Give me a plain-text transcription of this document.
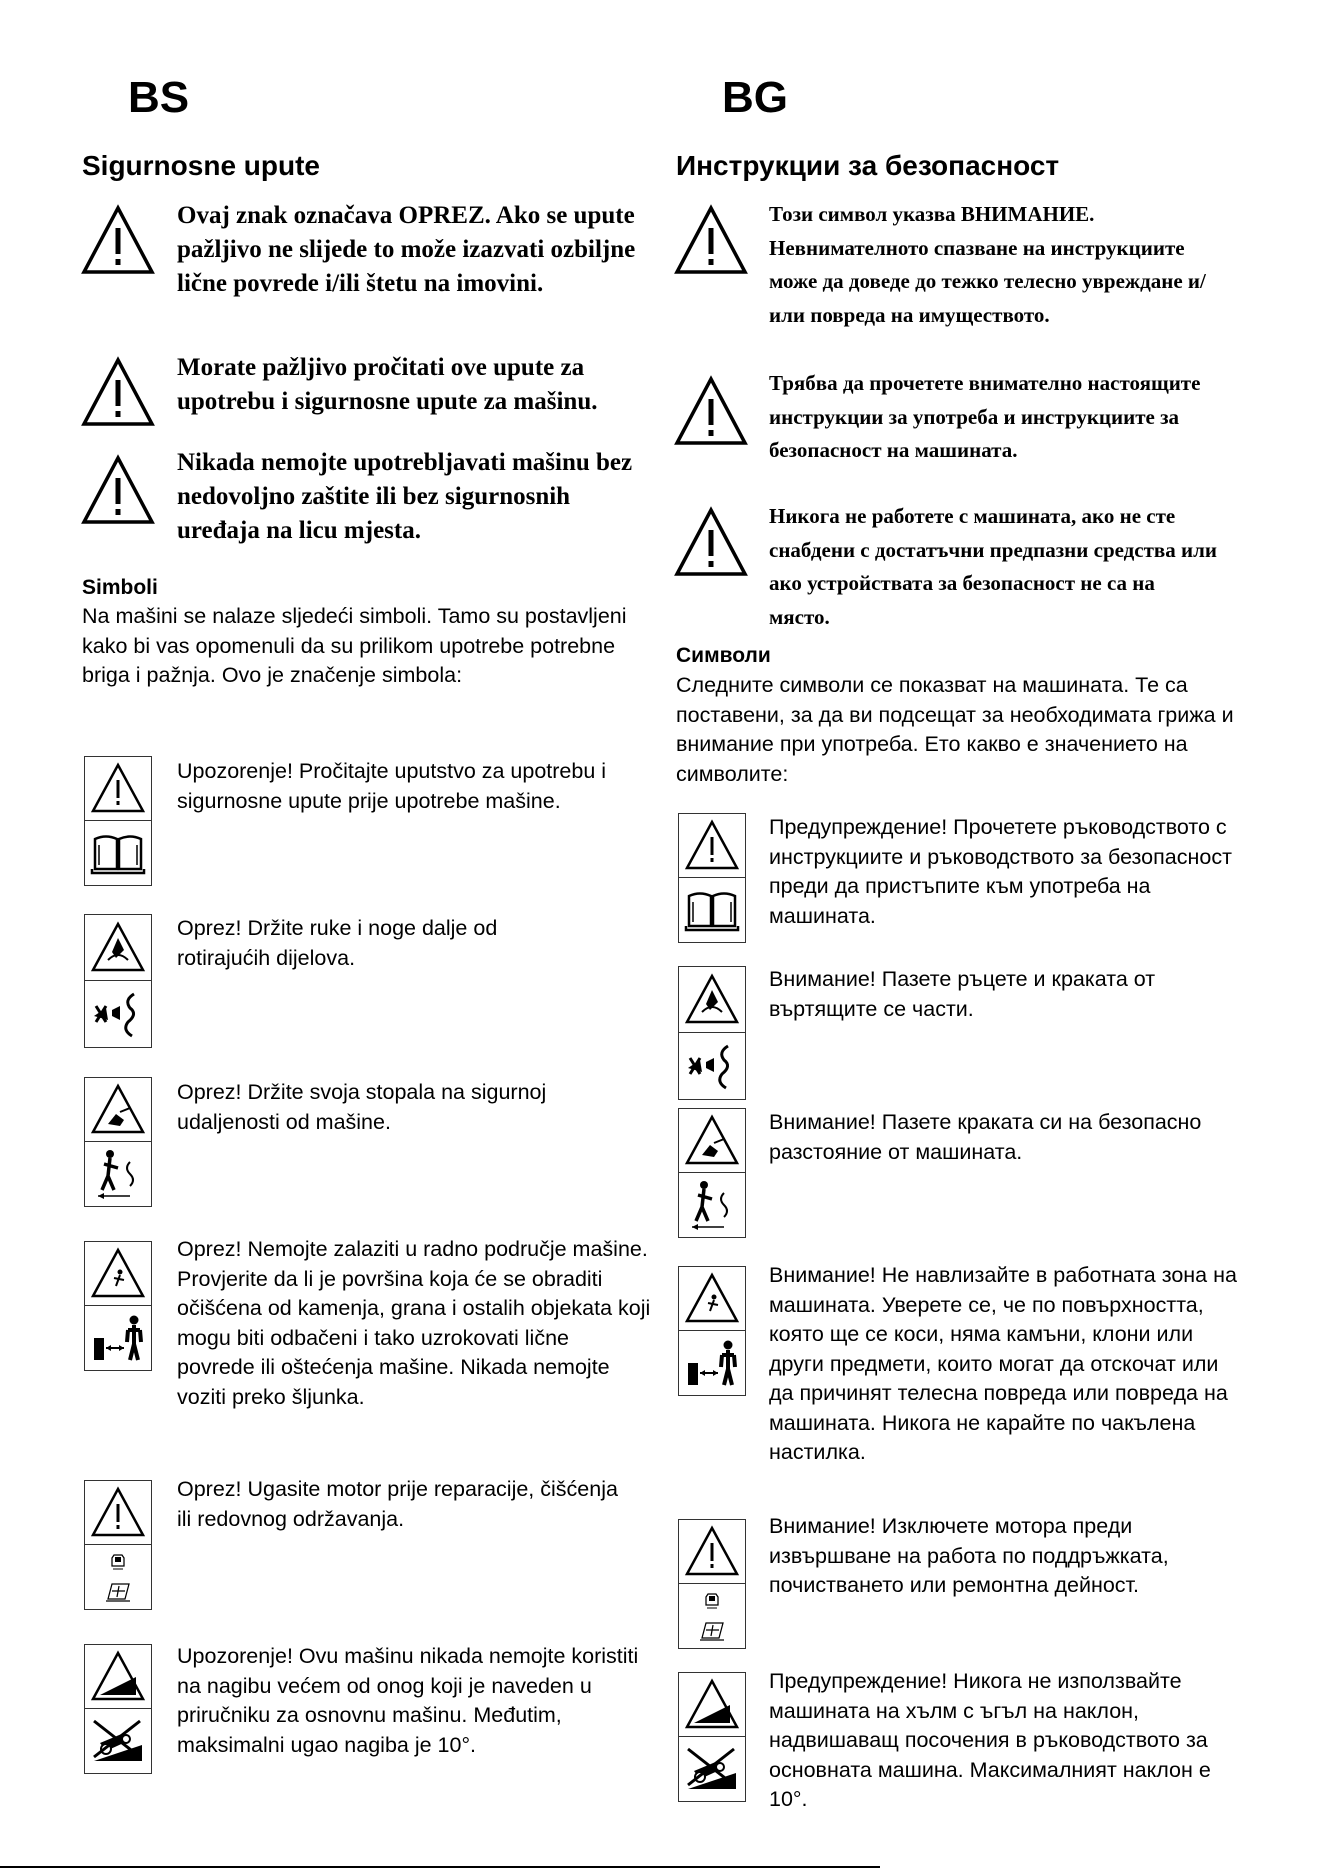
BS
Sigurnosne upute
Ovaj znak označava OPREZ. Ako se upute pažljivo ne slijede to može izazvati ozbiljne lične povrede i/ili štetu na imovini.
Morate pažljivo pročitati ove upute za upotrebu i sigurnosne upute za mašinu.
Nikada nemojte upotrebljavati mašinu bez nedovoljno zaštite ili bez sigurnosnih uređaja na licu mjesta.
Simboli
Na mašini se nalaze sljedeći simboli. Tamo su postavljeni kako bi vas opomenuli da su prilikom upotrebe potrebne briga i pažnja. Ovo je značenje simbola:
Upozorenje! Pročitajte uputstvo za upotrebu i sigurnosne upute prije upotrebe mašine.
Oprez! Držite ruke i noge dalje od rotirajućih dijelova.
Oprez! Držite svoja stopala na sigurnoj udaljenosti od mašine.
Oprez! Nemojte zalaziti u radno područje mašine. Provjerite da li je površina koja će se obraditi očišćena od kamenja, grana i ostalih objekata koji mogu biti odbačeni i tako uzrokovati lične povrede ili oštećenja mašine. Nikada nemojte voziti preko šljunka.
Oprez! Ugasite motor prije reparacije, čišćenja ili redovnog održavanja.
Upozorenje! Ovu mašinu nikada nemojte koristiti na nagibu većem od onog koji je naveden u priručniku za osnovnu mašinu. Međutim, maksimalni ugao nagiba je 10°.
BG
Инструкции за безопасност
Този символ указва ВНИМАНИЕ. Невнимателното спазване на инструкциите може да доведе до тежко телесно увреждане и/или повреда на имуществото.
Трябва да прочетете внимателно настоящите инструкции за употреба и инструкциите за безопасност на машината.
Никога не работете с машината, ако не сте снабдени с достатъчни предпазни средства или ако устройствата за безопасност не са на място.
Символи
Следните символи се показват на машината. Те са поставени, за да ви подсещат за необходимата грижа и внимание при употреба. Ето какво е значението на символите:
Предупреждение! Прочетете ръководството с инструкциите и ръководството за безопасност преди да пристъпите към употреба на машината.
Внимание! Пазете ръцете и краката от въртящите се части.
Внимание! Пазете краката си на безопасно разстояние от машината.
Внимание! Не навлизайте в работната зона на машината. Уверете се, че по повърхността, която ще се коси, няма камъни, клони или други предмети, които могат да отскочат или да причинят телесна повреда или повреда на машината. Никога не карайте по чакълена настилка.
Внимание! Изключете мотора преди извършване на работа по поддръжката, почистването или ремонтна дейност.
Предупреждение! Никога не използвайте машината на хълм с ъгъл на наклон, надвишаващ посочения в ръководството за основната машина. Максималният наклон е 10°.
